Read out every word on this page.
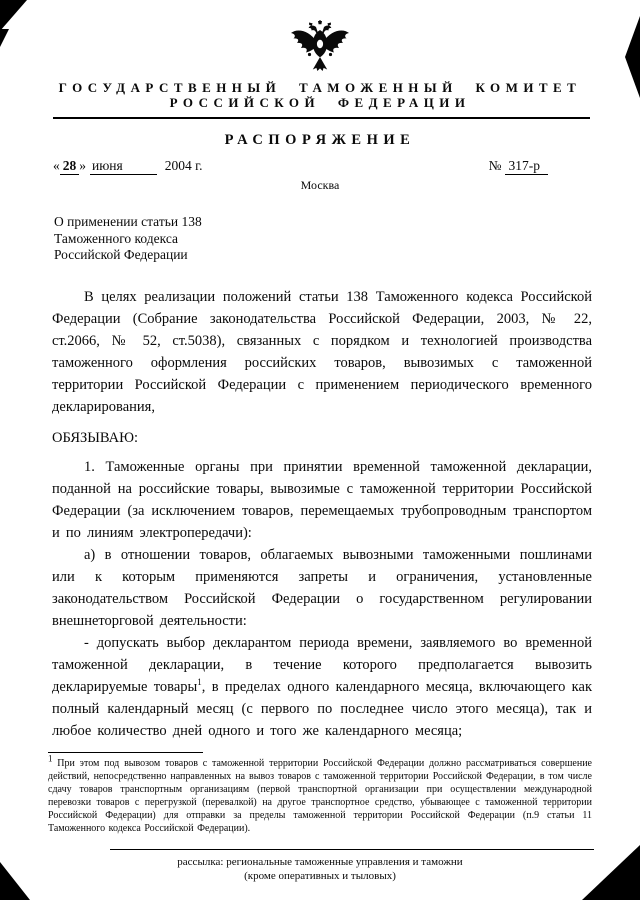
ГОСУДАРСТВЕННЫЙ ТАМОЖЕННЫЙ КОМИТЕТ
РОССИЙСКОЙ ФЕДЕРАЦИИ
РАСПОРЯЖЕНИЕ
« 28 » июня	2004 г.	№ 317-р
Москва
О применении статьи 138
Таможенного кодекса
Российской Федерации

В целях реализации положений статьи 138 Таможенного кодекса Российской Федерации (Собрание законодательства Российской Федерации, 2003, № 22, ст.2066, № 52, ст.5038), связанных с порядком и технологией производства таможенного оформления российских товаров, вывозимых с таможенной территории Российской Федерации с применением периодического временного декларирования,

ОБЯЗЫВАЮ:

1. Таможенные органы при принятии временной таможенной декларации, поданной на российские товары, вывозимые с таможенной территории Российской Федерации (за исключением товаров, перемещаемых трубопроводным транспортом и по линиям электропередачи):

а) в отношении товаров, облагаемых вывозными таможенными пошлинами или к которым применяются запреты и ограничения, установленные законодательством Российской Федерации о государственном регулировании внешнеторговой деятельности:

- допускать выбор декларантом периода времени, заявляемого во временной таможенной декларации, в течение которого предполагается вывозить декларируемые товары$^1$, в пределах одного календарного месяца, включающего как полный календарный месяц (с первого по последнее число этого месяца), так и любое количество дней одного и того же календарного месяца;

$^1$ При этом под вывозом товаров с таможенной территории Российской Федерации должно рассматриваться совершение действий, непосредственно направленных на вывоз товаров с таможенной территории Российской Федерации, в том числе сдачу товаров транспортным организациям (первой транспортной организации при осуществлении международной перевозки товаров с перегрузкой (перевалкой) на другое транспортное средство, убывающее с таможенной территории Российской Федерации) для отправки за пределы таможенной территории Российской Федерации (п.9 статьи 11 Таможенного кодекса Российской Федерации).
рассылка: региональные таможенные управления и таможни
(кроме оперативных и тыловых)
